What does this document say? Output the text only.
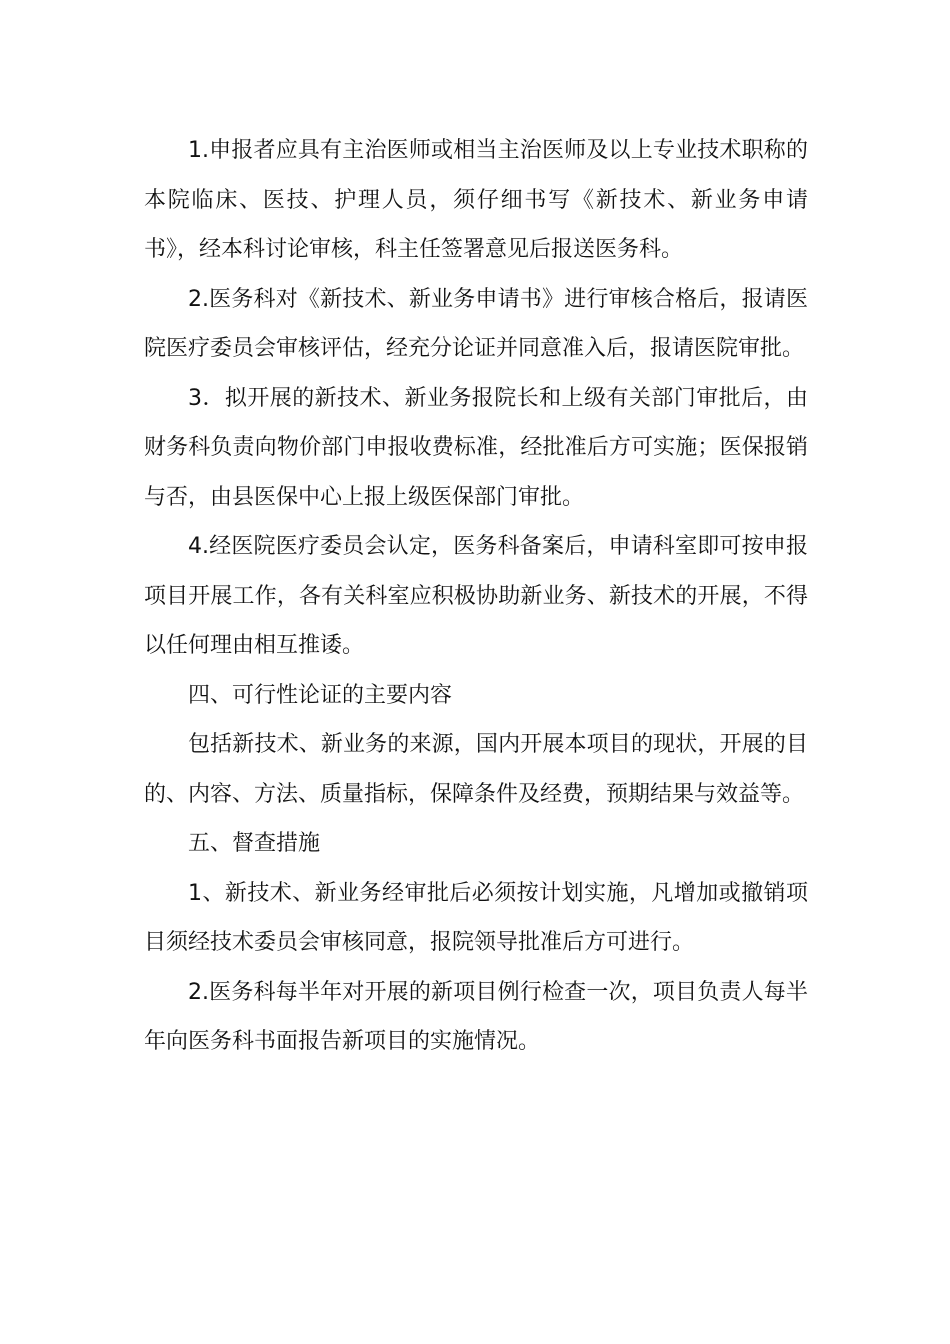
1.申报者应具有主治医师或相当主治医师及以上专业技术职称的本院临床、医技、护理人员，须仔细书写《新技术、新业务申请书》，经本科讨论审核，科主任签署意见后报送医务科。

2.医务科对《新技术、新业务申请书》进行审核合格后，报请医院医疗委员会审核评估，经充分论证并同意准入后，报请医院审批。

3．拟开展的新技术、新业务报院长和上级有关部门审批后，由财务科负责向物价部门申报收费标准，经批准后方可实施；医保报销与否，由县医保中心上报上级医保部门审批。

4.经医院医疗委员会认定，医务科备案后，申请科室即可按申报项目开展工作，各有关科室应积极协助新业务、新技术的开展，不得以任何理由相互推诿。

四、可行性论证的主要内容

包括新技术、新业务的来源，国内开展本项目的现状，开展的目的、内容、方法、质量指标，保障条件及经费，预期结果与效益等。

五、督查措施

1、新技术、新业务经审批后必须按计划实施，凡增加或撤销项目须经技术委员会审核同意，报院领导批准后方可进行。

2.医务科每半年对开展的新项目例行检查一次，项目负责人每半年向医务科书面报告新项目的实施情况。
